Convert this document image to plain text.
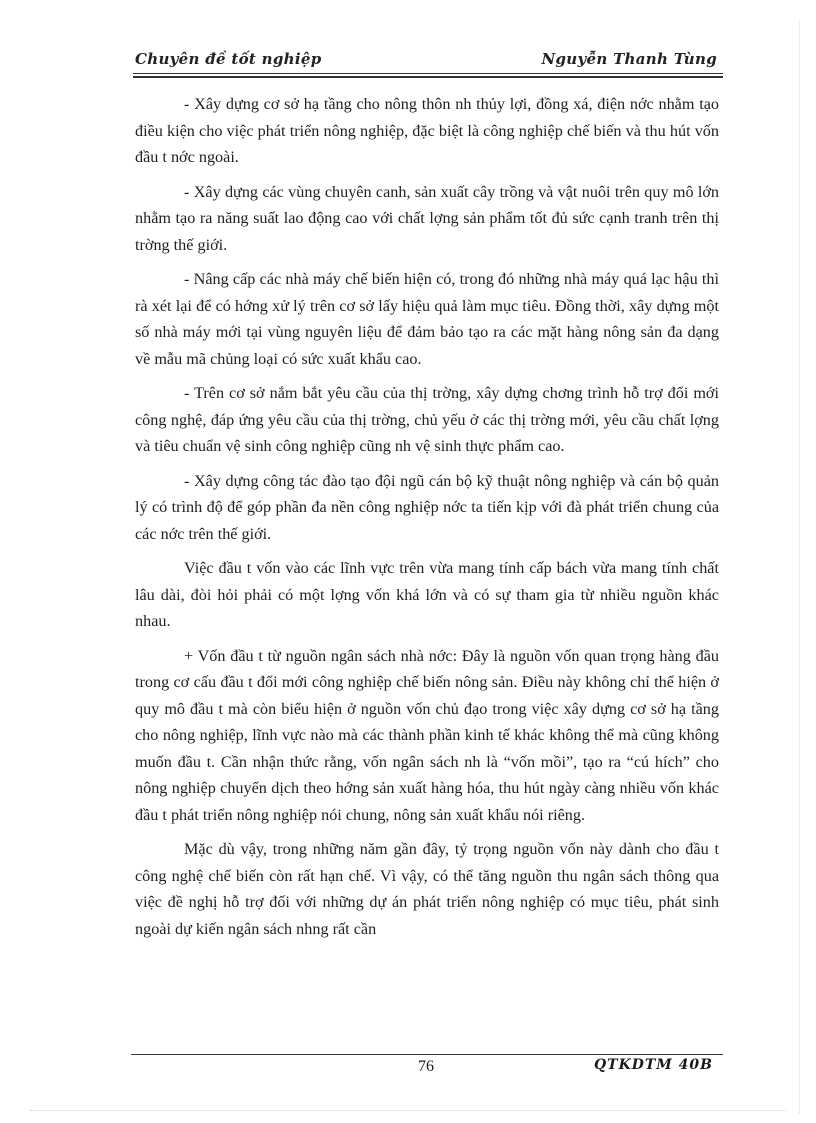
Chuyên đề tốt nghiệp	Nguyễn Thanh Tùng

- Xây dựng cơ sở hạ tầng cho nông thôn nh thủy lợi, đồng xá, điện nớc nhằm tạo điều kiện cho việc phát triển nông nghiệp, đặc biệt là công nghiệp chế biến và thu hút vốn đầu t nớc ngoài.

- Xây dựng các vùng chuyên canh, sản xuất cây trồng và vật nuôi trên quy mô lớn nhằm tạo ra năng suất lao động cao với chất lợng sản phẩm tốt đủ sức cạnh tranh trên thị trờng thế giới.

- Nâng cấp các nhà máy chế biến hiện có, trong đó những nhà máy quá lạc hậu thì rà xét lại để có hớng xử lý trên cơ sở lấy hiệu quả làm mục tiêu. Đồng thời, xây dựng một số nhà máy mới tại vùng nguyên liệu để đảm bảo tạo ra các mặt hàng nông sản đa dạng về mẫu mã chủng loại có sức xuất khẩu cao.

- Trên cơ sở nắm bắt yêu cầu của thị trờng, xây dựng chơng trình hỗ trợ đổi mới công nghệ, đáp ứng yêu cầu của thị trờng, chủ yếu ở các thị trờng mới, yêu cầu chất lợng và tiêu chuẩn vệ sinh công nghiệp cũng nh vệ sinh thực phẩm cao.

- Xây dựng công tác đào tạo đội ngũ cán bộ kỹ thuật nông nghiệp và cán bộ quản lý có trình độ để góp phần đa nền công nghiệp nớc ta tiến kịp với đà phát triển chung của các nớc trên thế giới.

Việc đầu t vốn vào các lĩnh vực trên vừa mang tính cấp bách vừa mang tính chất lâu dài, đòi hỏi phải có một lợng vốn khá lớn và có sự tham gia từ nhiều nguồn khác nhau.

+ Vốn đầu t từ nguồn ngân sách nhà nớc: Đây là nguồn vốn quan trọng hàng đầu trong cơ cấu đầu t đổi mới công nghiệp chế biến nông sản. Điều này không chỉ thể hiện ở quy mô đầu t mà còn biểu hiện ở nguồn vốn chủ đạo trong việc xây dựng cơ sở hạ tầng cho nông nghiệp, lĩnh vực nào mà các thành phần kinh tế khác không thể mà cũng không muốn đầu t. Cần nhận thức rằng, vốn ngân sách nh là “vốn mồi”, tạo ra “cú hích” cho nông nghiệp chuyển dịch theo hớng sản xuất hàng hóa, thu hút ngày càng nhiều vốn khác đầu t phát triển nông nghiệp nói chung, nông sản xuất khẩu nói riêng.

Mặc dù vậy, trong những năm gần đây, tỷ trọng nguồn vốn này dành cho đầu t công nghệ chế biến còn rất hạn chế. Vì vậy, có thể tăng nguồn thu ngân sách thông qua việc đề nghị hỗ trợ đối với những dự án phát triển nông nghiệp có mục tiêu, phát sinh ngoài dự kiến ngân sách nhng rất cần

76	QTKDTM 40B
